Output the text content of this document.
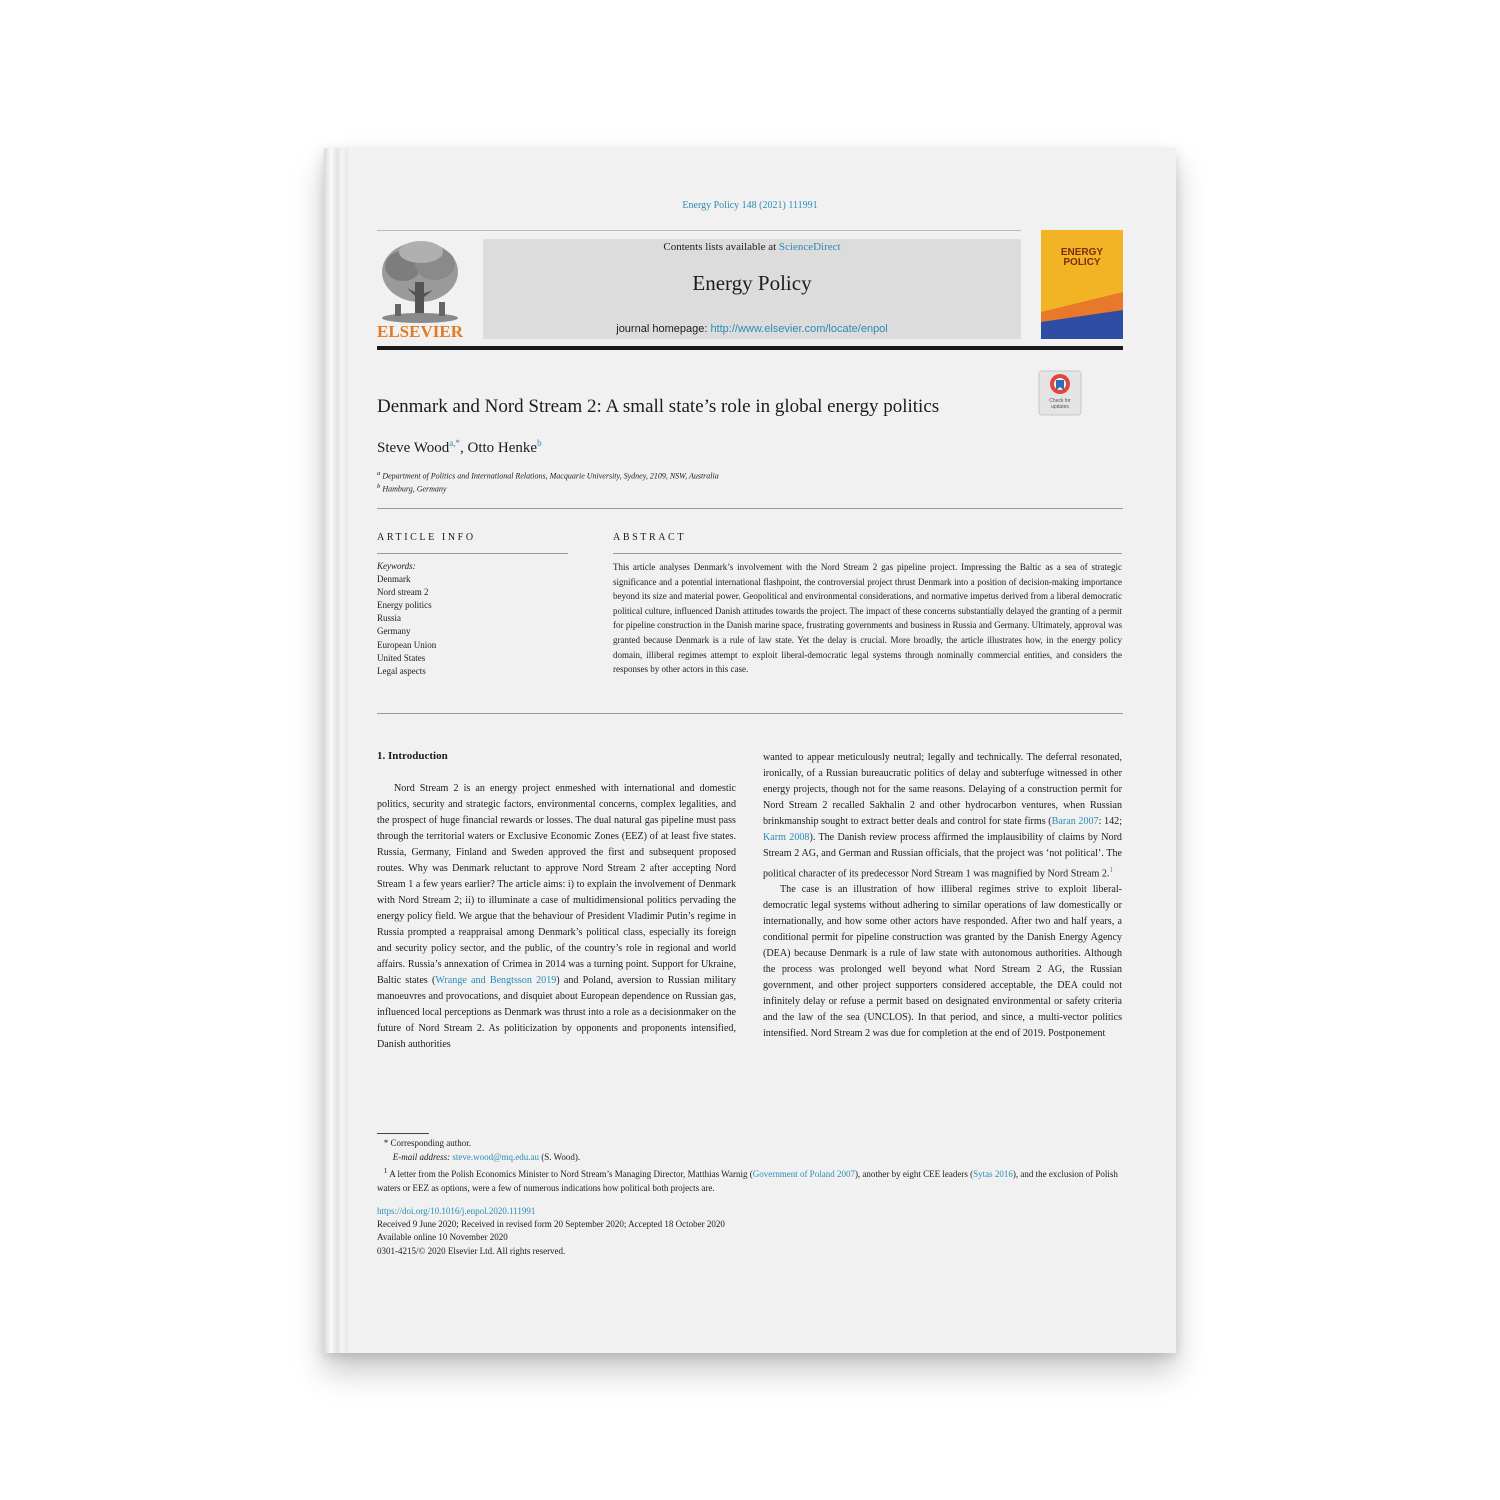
Energy Policy 148 (2021) 111991
ELSEVIER
Contents lists available at ScienceDirect
Energy Policy
journal homepage: http://www.elsevier.com/locate/enpol
ENERGY
POLICY
Denmark and Nord Stream 2: A small state’s role in global energy politics	Check for
updates
Steve Wood$^{a,*}$, Otto Henke$^b$
$^a$ Department of Politics and International Relations, Macquarie University, Sydney, 2109, NSW, Australia
$^b$ Hamburg, Germany
ARTICLE INFO
Keywords:
Denmark
Nord stream 2
Energy politics
Russia
Germany
European Union
United States
Legal aspects
ABSTRACT
This article analyses Denmark’s involvement with the Nord Stream 2 gas pipeline project. Impressing the Baltic as a sea of strategic significance and a potential international flashpoint, the controversial project thrust Denmark into a position of decision-making importance beyond its size and material power. Geopolitical and environmental considerations, and normative impetus derived from a liberal democratic political culture, influenced Danish attitudes towards the project. The impact of these concerns substantially delayed the granting of a permit for pipeline construction in the Danish marine space, frustrating governments and business in Russia and Germany. Ultimately, approval was granted because Denmark is a rule of law state. Yet the delay is crucial. More broadly, the article illustrates how, in the energy policy domain, illiberal regimes attempt to exploit liberal-democratic legal systems through nominally commercial entities, and considers the responses by other actors in this case.
1. Introduction

Nord Stream 2 is an energy project enmeshed with international and domestic politics, security and strategic factors, environmental concerns, complex legalities, and the prospect of huge financial rewards or losses. The dual natural gas pipeline must pass through the territorial waters or Exclusive Economic Zones (EEZ) of at least five states. Russia, Germany, Finland and Sweden approved the first and subsequent proposed routes. Why was Denmark reluctant to approve Nord Stream 2 after accepting Nord Stream 1 a few years earlier? The article aims: i) to explain the involvement of Denmark with Nord Stream 2; ii) to illuminate a case of multidimensional politics pervading the energy policy field. We argue that the behaviour of President Vladimir Putin’s regime in Russia prompted a reappraisal among Denmark’s political class, especially its foreign and security policy sector, and the public, of the country’s role in regional and world affairs. Russia’s annexation of Crimea in 2014 was a turning point. Support for Ukraine, Baltic states (Wrange and Bengtsson 2019) and Poland, aversion to Russian military manoeuvres and provocations, and disquiet about European dependence on Russian gas, influenced local perceptions as Denmark was thrust into a role as a decisionmaker on the future of Nord Stream 2. As politicization by opponents and proponents intensified, Danish authorities

wanted to appear meticulously neutral; legally and technically. The deferral resonated, ironically, of a Russian bureaucratic politics of delay and subterfuge witnessed in other energy projects, though not for the same reasons. Delaying of a construction permit for Nord Stream 2 recalled Sakhalin 2 and other hydrocarbon ventures, when Russian brinkmanship sought to extract better deals and control for state firms (Baran 2007: 142; Karm 2008). The Danish review process affirmed the implausibility of claims by Nord Stream 2 AG, and German and Russian officials, that the project was ‘not political’. The political character of its predecessor Nord Stream 1 was magnified by Nord Stream 2.$^1$

The case is an illustration of how illiberal regimes strive to exploit liberal-democratic legal systems without adhering to similar operations of law domestically or internationally, and how some other actors have responded. After two and half years, a conditional permit for pipeline construction was granted by the Danish Energy Agency (DEA) because Denmark is a rule of law state with autonomous authorities. Although the process was prolonged well beyond what Nord Stream 2 AG, the Russian government, and other project supporters considered acceptable, the DEA could not infinitely delay or refuse a permit based on designated environmental or safety criteria and the law of the sea (UNCLOS). In that period, and since, a multi-vector politics intensified. Nord Stream 2 was due for completion at the end of 2019. Postponement

* Corresponding author.
E-mail address: steve.wood@mq.edu.au (S. Wood).
$^1$ A letter from the Polish Economics Minister to Nord Stream’s Managing Director, Matthias Warnig (Government of Poland 2007), another by eight CEE leaders (Sytas 2016), and the exclusion of Polish waters or EEZ as options, were a few of numerous indications how political both projects are.
https://doi.org/10.1016/j.enpol.2020.111991
Received 9 June 2020; Received in revised form 20 September 2020; Accepted 18 October 2020
Available online 10 November 2020
0301-4215/© 2020 Elsevier Ltd. All rights reserved.
